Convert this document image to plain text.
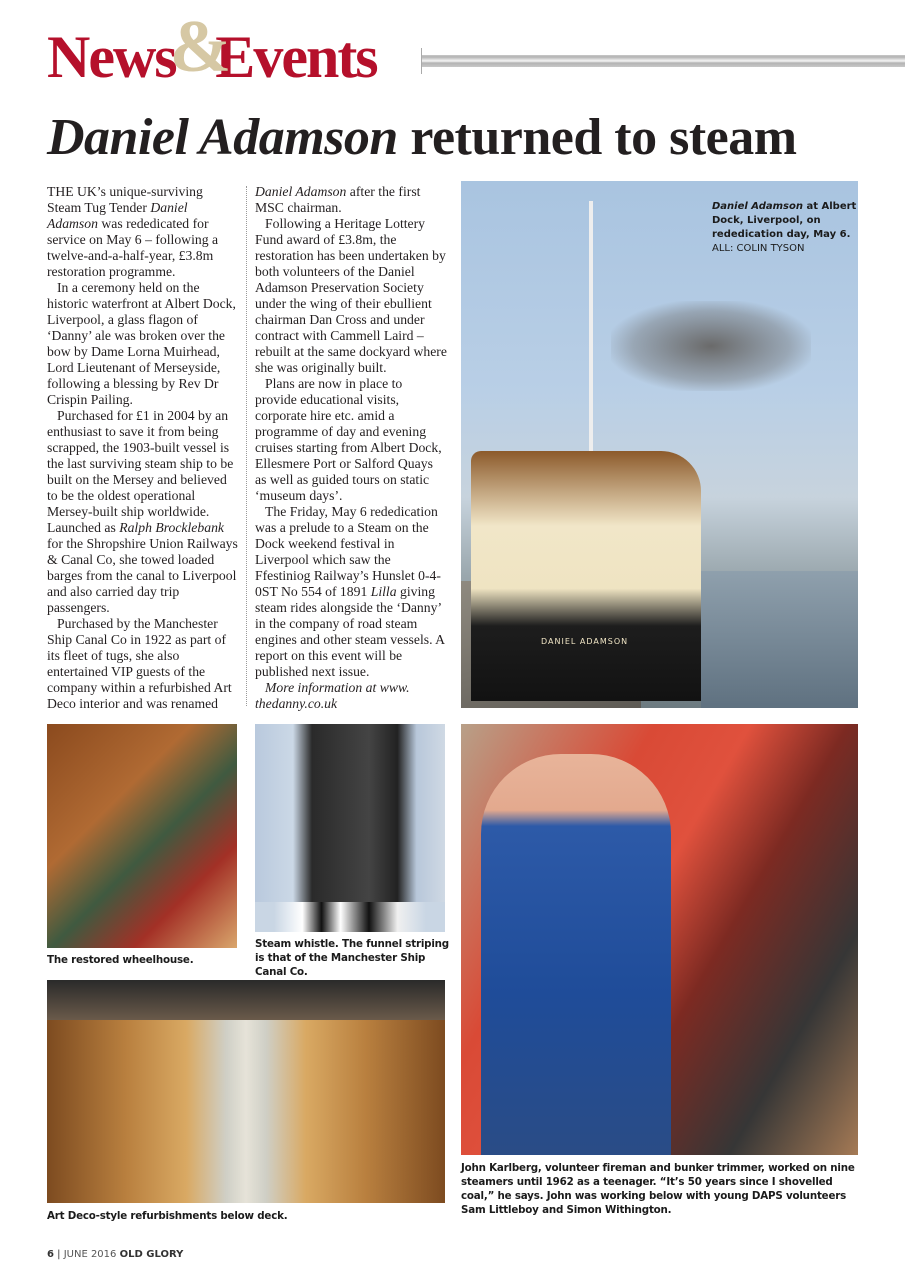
News&Events
Daniel Adamson returned to steam

THE UK’s unique-surviving Steam Tug Tender Daniel Adamson was rededicated for service on May 6 – following a twelve-and-a-half-year, £3.8m restoration programme.

In a ceremony held on the historic waterfront at Albert Dock, Liverpool, a glass flagon of ‘Danny’ ale was broken over the bow by Dame Lorna Muirhead, Lord Lieutenant of Merseyside, following a blessing by Rev Dr Crispin Pailing.

Purchased for £1 in 2004 by an enthusiast to save it from being scrapped, the 1903-built vessel is the last surviving steam ship to be built on the Mersey and believed to be the oldest operational Mersey-built ship worldwide. Launched as Ralph Brocklebank for the Shropshire Union Railways & Canal Co, she towed loaded barges from the canal to Liverpool and also carried day trip passengers.

Purchased by the Manchester Ship Canal Co in 1922 as part of its fleet of tugs, she also entertained VIP guests of the company within a refurbished Art Deco interior and was renamed

Daniel Adamson after the first MSC chairman.

Following a Heritage Lottery Fund award of £3.8m, the restoration has been undertaken by both volunteers of the Daniel Adamson Preservation Society under the wing of their ebullient chairman Dan Cross and under contract with Cammell Laird – rebuilt at the same dockyard where she was originally built.

Plans are now in place to provide educational visits, corporate hire etc. amid a programme of day and evening cruises starting from Albert Dock, Ellesmere Port or Salford Quays as well as guided tours on static ‘museum days’.

The Friday, May 6 rededication was a prelude to a Steam on the Dock weekend festival in Liverpool which saw the Ffestiniog Railway’s Hunslet 0-4-0ST No 554 of 1891 Lilla giving steam rides alongside the ‘Danny’ in the company of road steam engines and other steam vessels. A report on this event will be published next issue.

More information at www. thedanny.co.uk

DANIEL ADAMSON
Daniel Adamson at Albert Dock, Liverpool, on rededication day, May 6. ALL: COLIN TYSON
The restored wheelhouse.
Steam whistle. The funnel striping is that of the Manchester Ship Canal Co.
Art Deco-style refurbishments below deck.
John Karlberg, volunteer fireman and bunker trimmer, worked on nine steamers until 1962 as a teenager. “It’s 50 years since I shovelled coal,” he says. John was working below with young DAPS volunteers Sam Littleboy and Simon Withington.
6 | JUNE 2016 OLD GLORY
